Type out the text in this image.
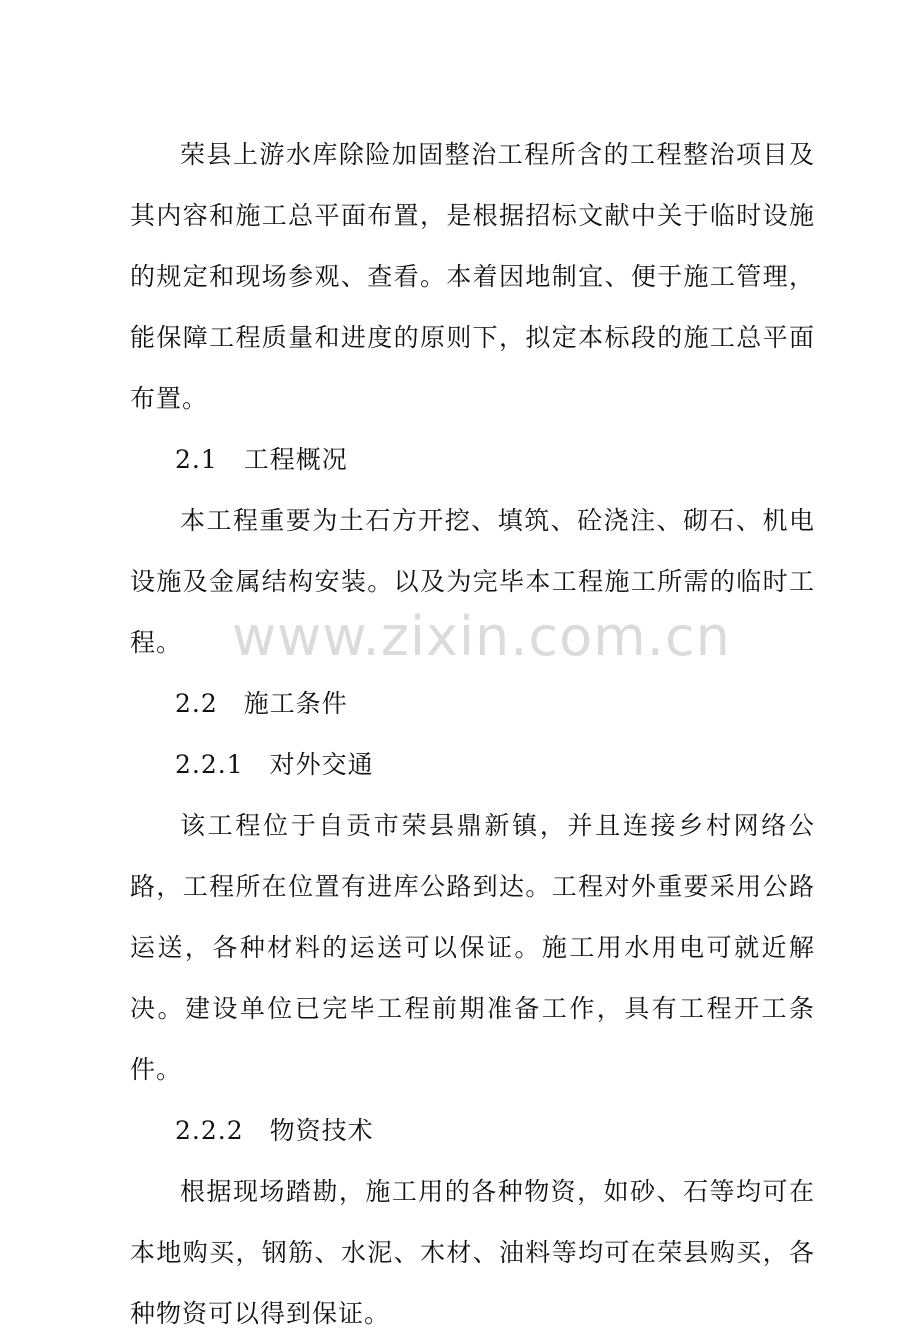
荣县上游水库除险加固整治工程所含的工程整治项目及其内容和施工总平面布置，是根据招标文献中关于临时设施的规定和现场参观、查看。本着因地制宜、便于施工管理，能保障工程质量和进度的原则下，拟定本标段的施工总平面布置。

2.1 工程概况

本工程重要为土石方开挖、填筑、砼浇注、砌石、机电设施及金属结构安装。以及为完毕本工程施工所需的临时工程。

2.2 施工条件

2.2.1 对外交通

该工程位于自贡市荣县鼎新镇，并且连接乡村网络公路，工程所在位置有进库公路到达。工程对外重要采用公路运送，各种材料的运送可以保证。施工用水用电可就近解决。建设单位已完毕工程前期准备工作，具有工程开工条件。

2.2.2 物资技术

根据现场踏勘，施工用的各种物资，如砂、石等均可在本地购买，钢筋、水泥、木材、油料等均可在荣县购买，各种物资可以得到保证。

www.zixin.com.cn
